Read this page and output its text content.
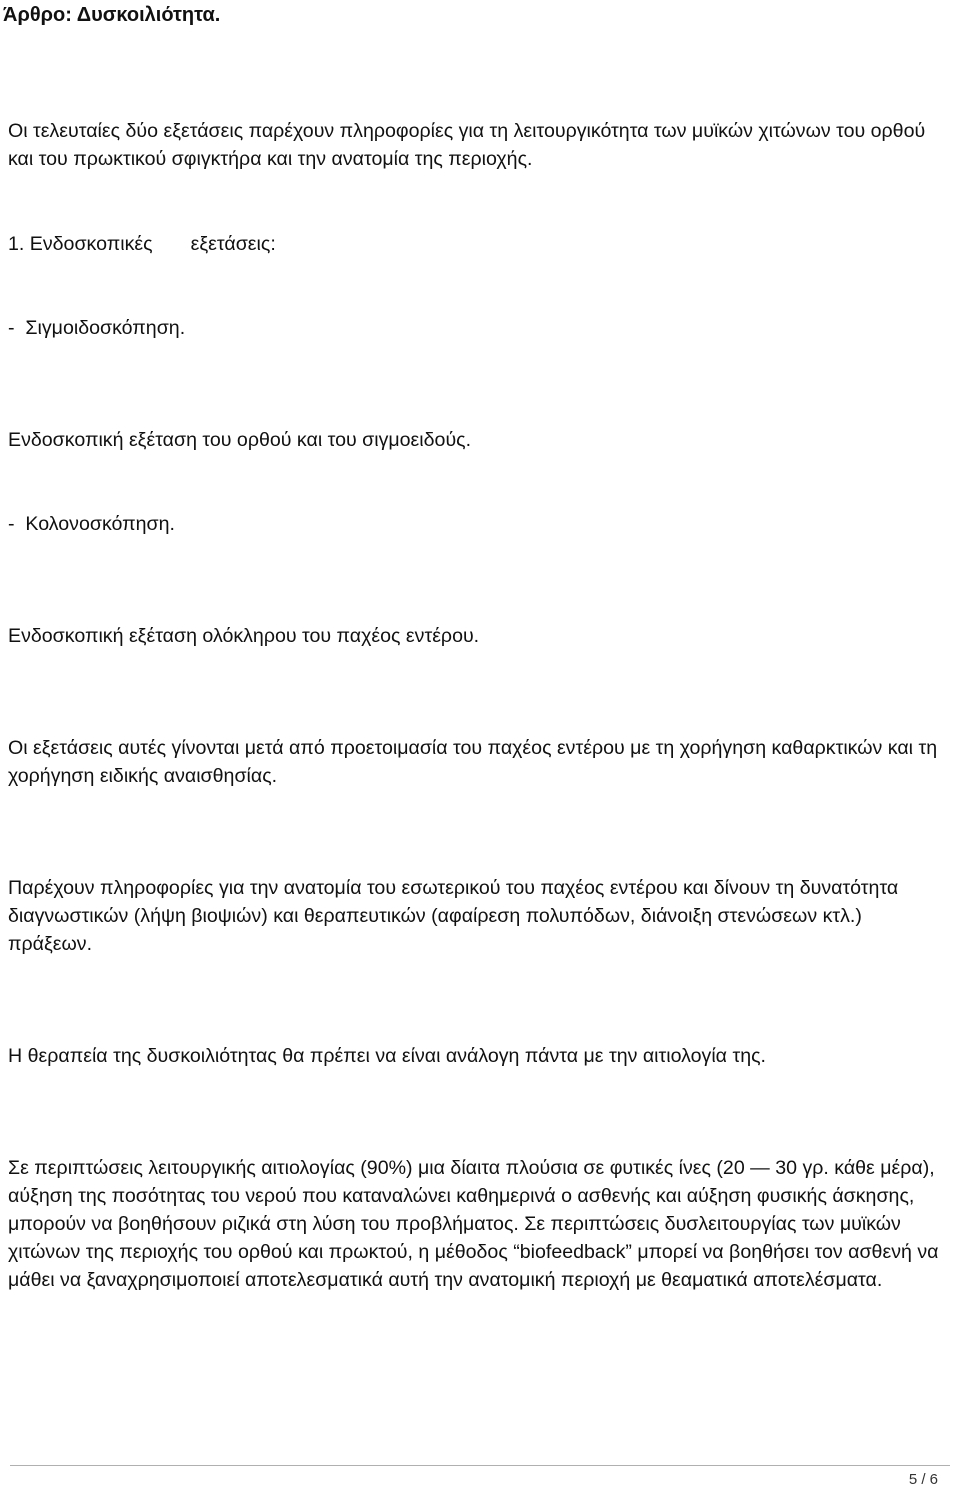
Άρθρο: Δυσκοιλιότητα.

Οι τελευταίες δύο εξετάσεις παρέχουν πληροφορίες για τη λειτουργικότητα των μυϊκών χιτώνων του ορθού και του πρωκτικού σφιγκτήρα και την ανατομία της περιοχής.

1. Ενδοσκοπικές       εξετάσεις:

-  Σιγμοιδοσκόπηση.

Ενδοσκοπική εξέταση του ορθού και του σιγμοειδούς.

-  Κολονοσκόπηση.

Ενδοσκοπική εξέταση ολόκληρου του παχέος εντέρου.

Οι εξετάσεις αυτές γίνονται μετά από προετοιμασία του παχέος εντέρου με τη χορήγηση καθαρκτικών και τη χορήγηση ειδικής αναισθησίας.

Παρέχουν πληροφορίες για την ανατομία του εσωτερικού του παχέος εντέρου και δίνουν τη δυνατότητα διαγνωστικών (λήψη βιοψιών) και θεραπευτικών (αφαίρεση πολυπόδων, διάνοιξη στενώσεων κτλ.) πράξεων.

Η θεραπεία της δυσκοιλιότητας θα πρέπει να είναι ανάλογη πάντα με την αιτιολογία της.

Σε περιπτώσεις λειτουργικής αιτιολογίας (90%) μια δίαιτα πλούσια σε φυτικές ίνες (20 — 30 γρ. κάθε μέρα), αύξηση της ποσότητας του νερού που καταναλώνει καθημερινά ο ασθενής και αύξηση φυσικής άσκησης, μπορούν να βοηθήσουν ριζικά στη λύση του προβλήματος. Σε περιπτώσεις δυσλειτουργίας των μυϊκών χιτώνων της περιοχής του ορθού και πρωκτού, η μέθοδος “biofeedback” μπορεί να βοηθήσει τον ασθενή να μάθει να ξαναχρησιμοποιεί αποτελεσματικά αυτή την ανατομική περιοχή με θεαματικά αποτελέσματα.

5 / 6
